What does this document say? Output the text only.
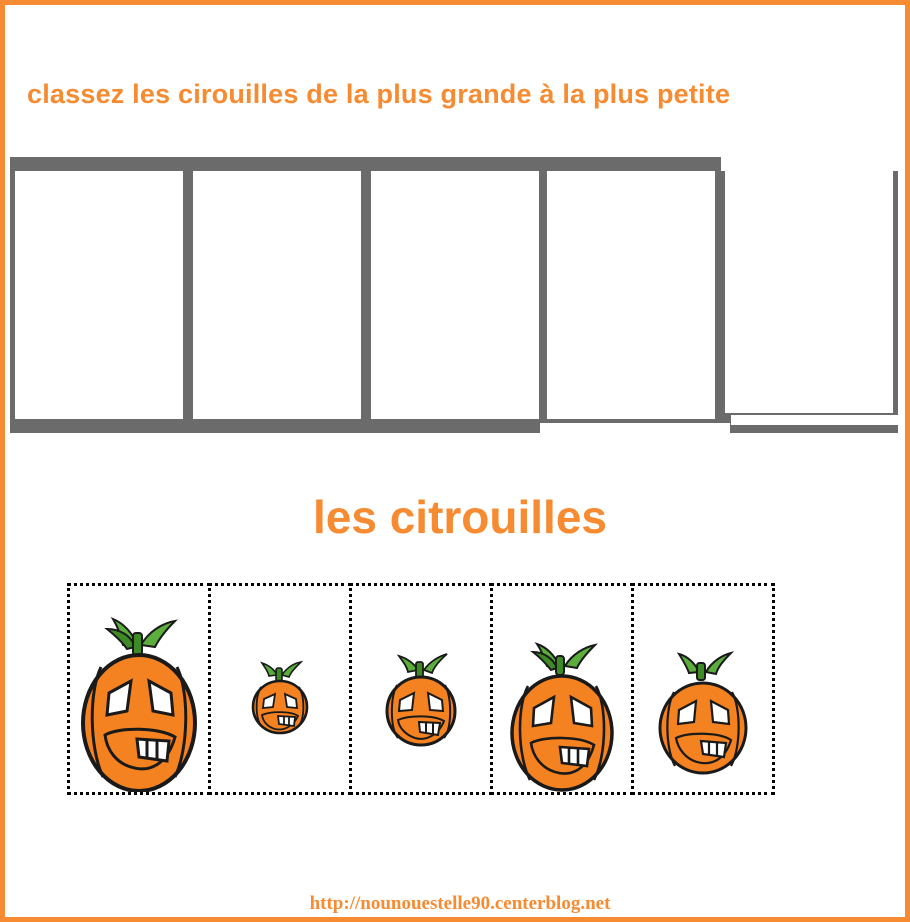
classez les cirouilles de la plus grande à la plus petite
les citrouilles
http://nounouestelle90.centerblog.net
